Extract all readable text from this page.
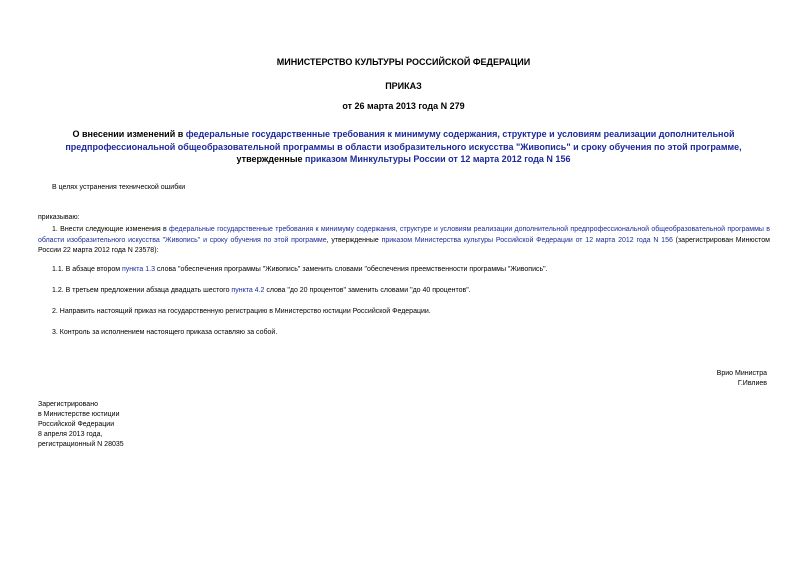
МИНИСТЕРСТВО КУЛЬТУРЫ РОССИЙСКОЙ ФЕДЕРАЦИИ
ПРИКАЗ
от 26 марта 2013 года N 279
О внесении изменений в федеральные государственные требования к минимуму содержания, структуре и условиям реализации дополнительной предпрофессиональной общеобразовательной программы в области изобразительного искусства "Живопись" и сроку обучения по этой программе,
утвержденные приказом Минкультуры России от 12 марта 2012 года N 156
В целях устранения технической ошибки
приказываю:
1. Внести следующие изменения в федеральные государственные требования к минимуму содержания, структуре и условиям реализации дополнительной предпрофессиональной общеобразовательной программы в области изобразительного искусства "Живопись" и сроку обучения по этой программе, утвержденные приказом Министерства культуры Российской Федерации от 12 марта 2012 года N 156 (зарегистрирован Минюстом России 22 марта 2012 года N 23578):
1.1. В абзаце втором пункта 1.3 слова "обеспечения программы "Живопись" заменить словами "обеспечения преемственности программы "Живопись".
1.2. В третьем предложении абзаца двадцать шестого пункта 4.2 слова "до 20 процентов" заменить словами "до 40 процентов".
2. Направить настоящий приказ на государственную регистрацию в Министерство юстиции Российской Федерации.
3. Контроль за исполнением настоящего приказа оставляю за собой.
Врио Министра
Г.Ивлиев
Зарегистрировано
в Министерстве юстиции
Российской Федерации
8 апреля 2013 года,
регистрационный N 28035
